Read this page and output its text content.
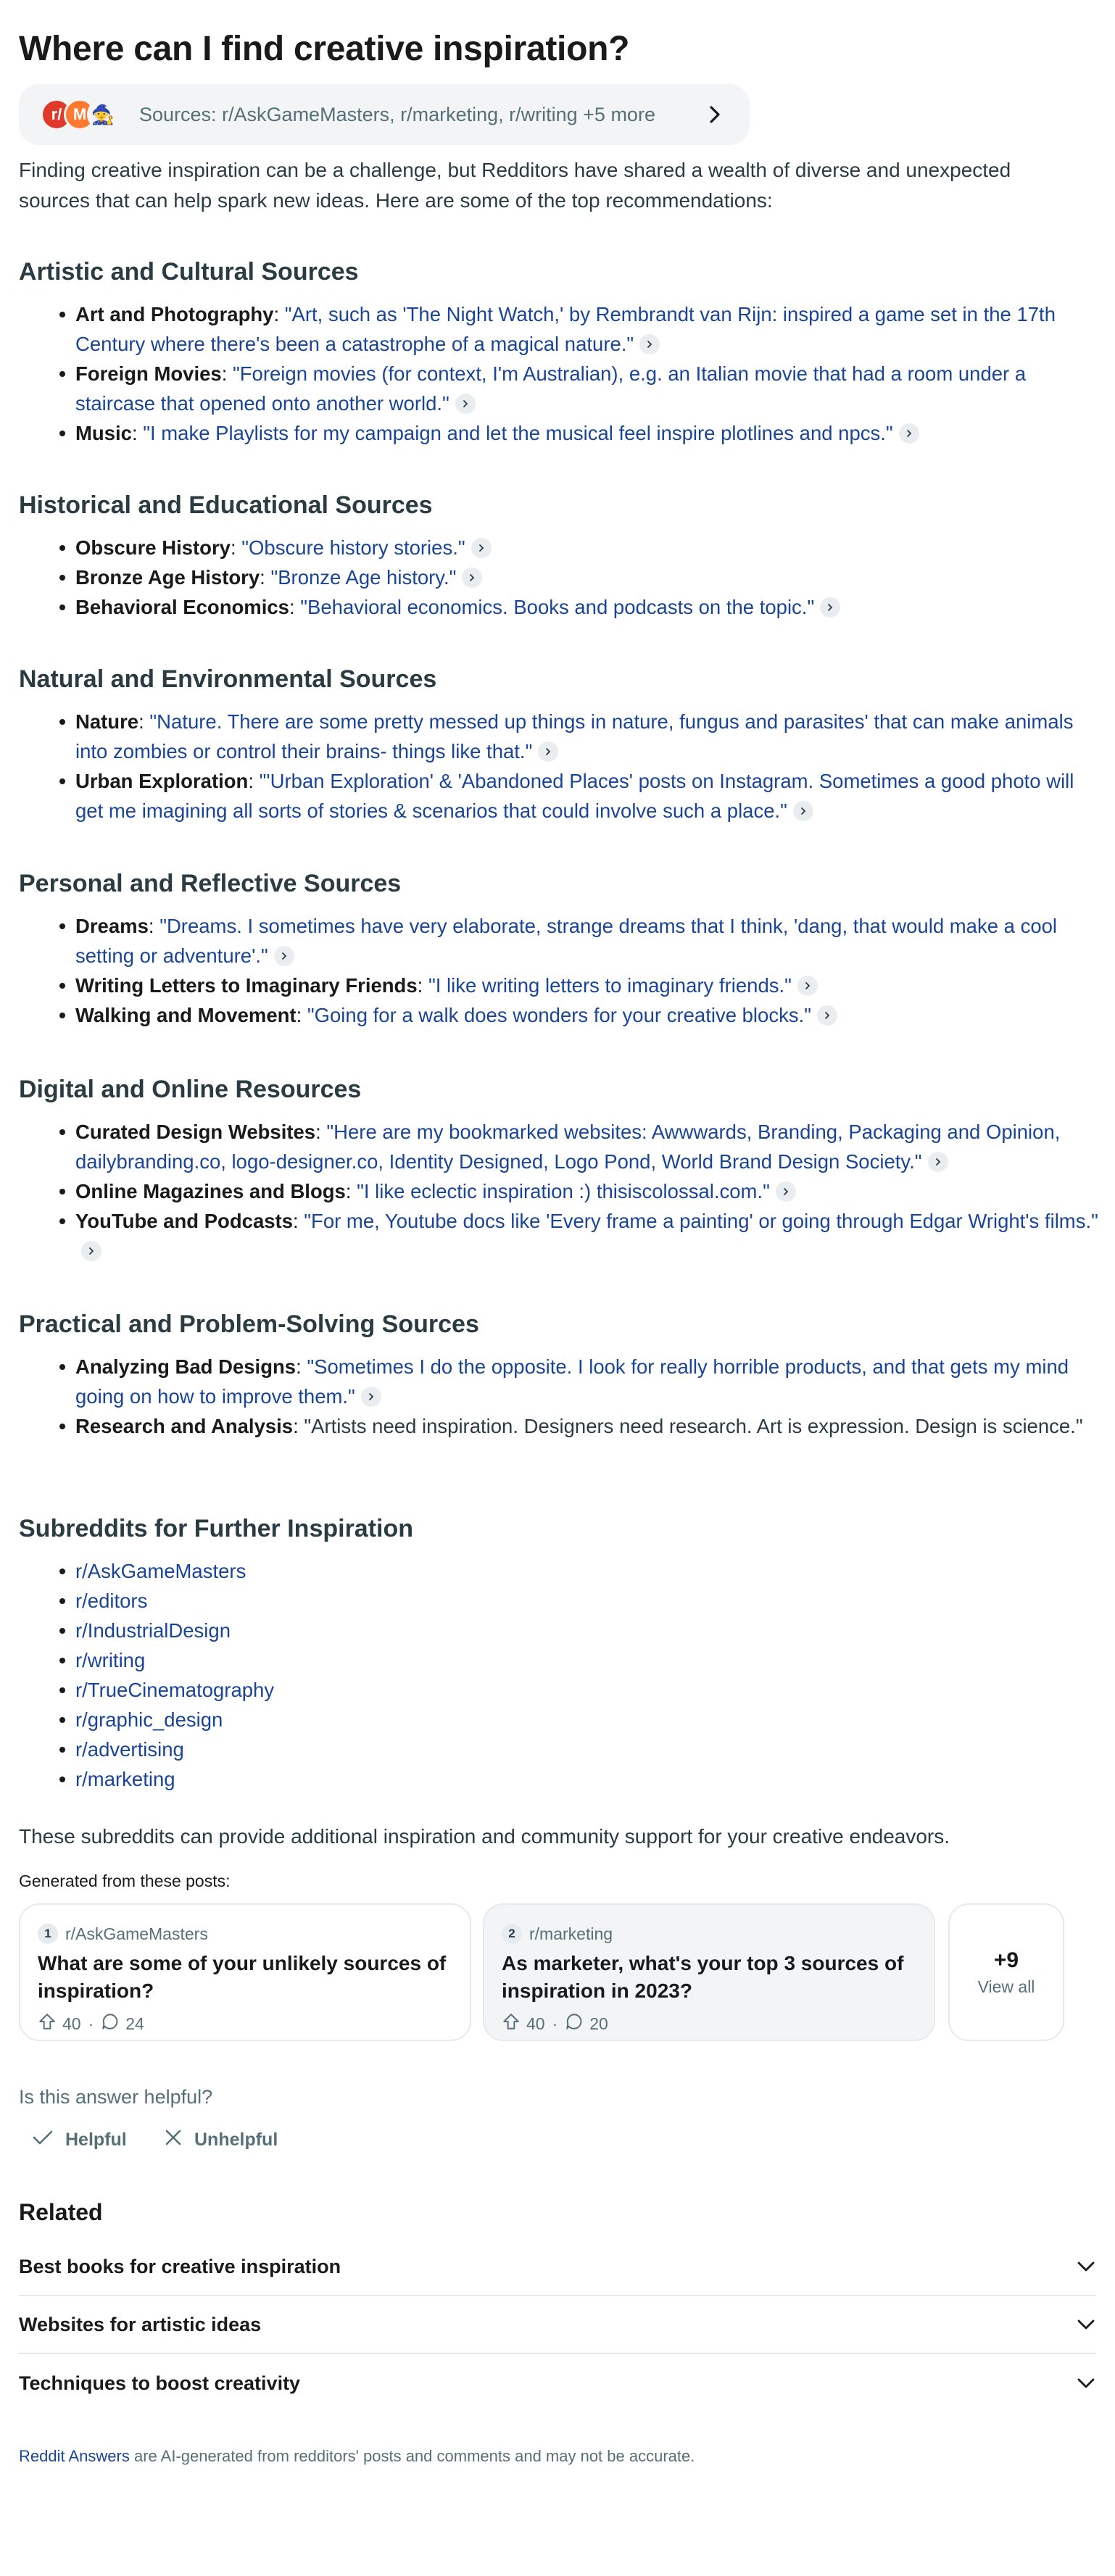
Where can I find creative inspiration?
r/ M 🧙 Sources: r/AskGameMasters, r/marketing, r/writing +5 more

Finding creative inspiration can be a challenge, but Redditors have shared a wealth of diverse and unexpected sources that can help spark new ideas. Here are some of the top recommendations:

Artistic and Cultural Sources
Art and Photography: "Art, such as 'The Night Watch,' by Rembrandt van Rijn: inspired a game set in the 17th Century where there's been a catastrophe of a magical nature."
Foreign Movies: "Foreign movies (for context, I'm Australian), e.g. an Italian movie that had a room under a staircase that opened onto another world."
Music: "I make Playlists for my campaign and let the musical feel inspire plotlines and npcs."
Historical and Educational Sources
Obscure History: "Obscure history stories."
Bronze Age History: "Bronze Age history."
Behavioral Economics: "Behavioral economics. Books and podcasts on the topic."
Natural and Environmental Sources
Nature: "Nature. There are some pretty messed up things in nature, fungus and parasites' that can make animals into zombies or control their brains- things like that."
Urban Exploration: "'Urban Exploration' & 'Abandoned Places' posts on Instagram. Sometimes a good photo will get me imagining all sorts of stories & scenarios that could involve such a place."
Personal and Reflective Sources
Dreams: "Dreams. I sometimes have very elaborate, strange dreams that I think, 'dang, that would make a cool setting or adventure'."
Writing Letters to Imaginary Friends: "I like writing letters to imaginary friends."
Walking and Movement: "Going for a walk does wonders for your creative blocks."
Digital and Online Resources
Curated Design Websites: "Here are my bookmarked websites: Awwwards, Branding, Packaging and Opinion, dailybranding.co, logo-designer.co, Identity Designed, Logo Pond, World Brand Design Society."
Online Magazines and Blogs: "I like eclectic inspiration :) thisiscolossal.com."
YouTube and Podcasts: "For me, Youtube docs like 'Every frame a painting' or going through Edgar Wright's films."
Practical and Problem-Solving Sources
Analyzing Bad Designs: "Sometimes I do the opposite. I look for really horrible products, and that gets my mind going on how to improve them."
Research and Analysis: "Artists need inspiration. Designers need research. Art is expression. Design is science."
Subreddits for Further Inspiration
r/AskGameMasters
r/editors
r/IndustrialDesign
r/writing
r/TrueCinematography
r/graphic_design
r/advertising
r/marketing

These subreddits can provide additional inspiration and community support for your creative endeavors.

Generated from these posts:

1 r/AskGameMasters
What are some of your unlikely sources of inspiration?
40 · 24
2 r/marketing
As marketer, what's your top 3 sources of inspiration in 2023?
40 · 20
+9
View all

Is this answer helpful?

Helpful	Unhelpful
Related
Best books for creative inspiration
Websites for artistic ideas
Techniques to boost creativity

Reddit Answers are AI-generated from redditors' posts and comments and may not be accurate.
